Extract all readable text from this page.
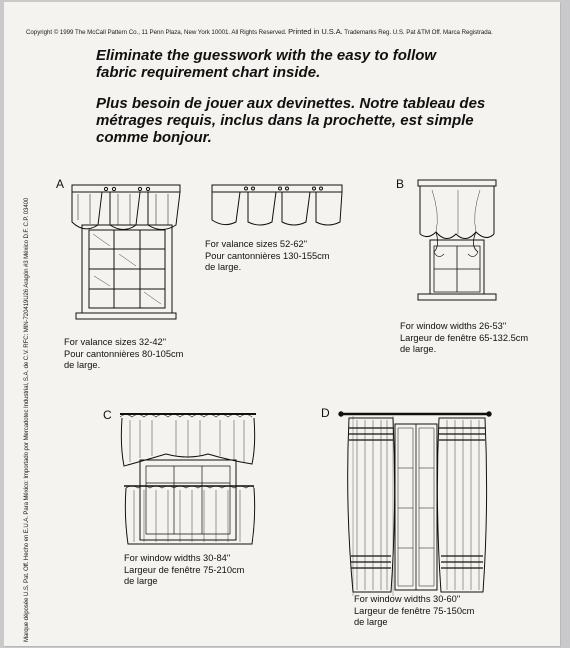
Copyright © 1999 The McCall Pattern Co., 11 Penn Plaza, New York 10001. All Rights Reserved. Printed in U.S.A. Trademarks Reg. U.S. Pat &TM Off. Marca Registrada.
Marque déposée U.S. Pat. Off. Hecho en E.U.A. Para México: Importado por Mercadotec Industrial, S.A. de C.V. RFC: MIN-720419U26 Aragón #3 México D.F. C.P. 03400
Eliminate the guesswork with the easy to follow
fabric requirement chart inside.
Plus besoin de jouer aux devinettes. Notre tableau des
métrages requis, inclus dans la prochette, est simple
comme bonjour.
A
For valance sizes 52-62"
Pour cantonnières 130-155cm
de large.
For valance sizes 32-42"
Pour cantonnières 80-105cm
de large.
B
For window widths 26-53"
Largeur de fenêtre 65-132.5cm
de large.
C
For window widths 30-84"
Largeur de fenêtre 75-210cm
de large
D
For window widths 30-60"
Largeur de fenêtre 75-150cm
de large
